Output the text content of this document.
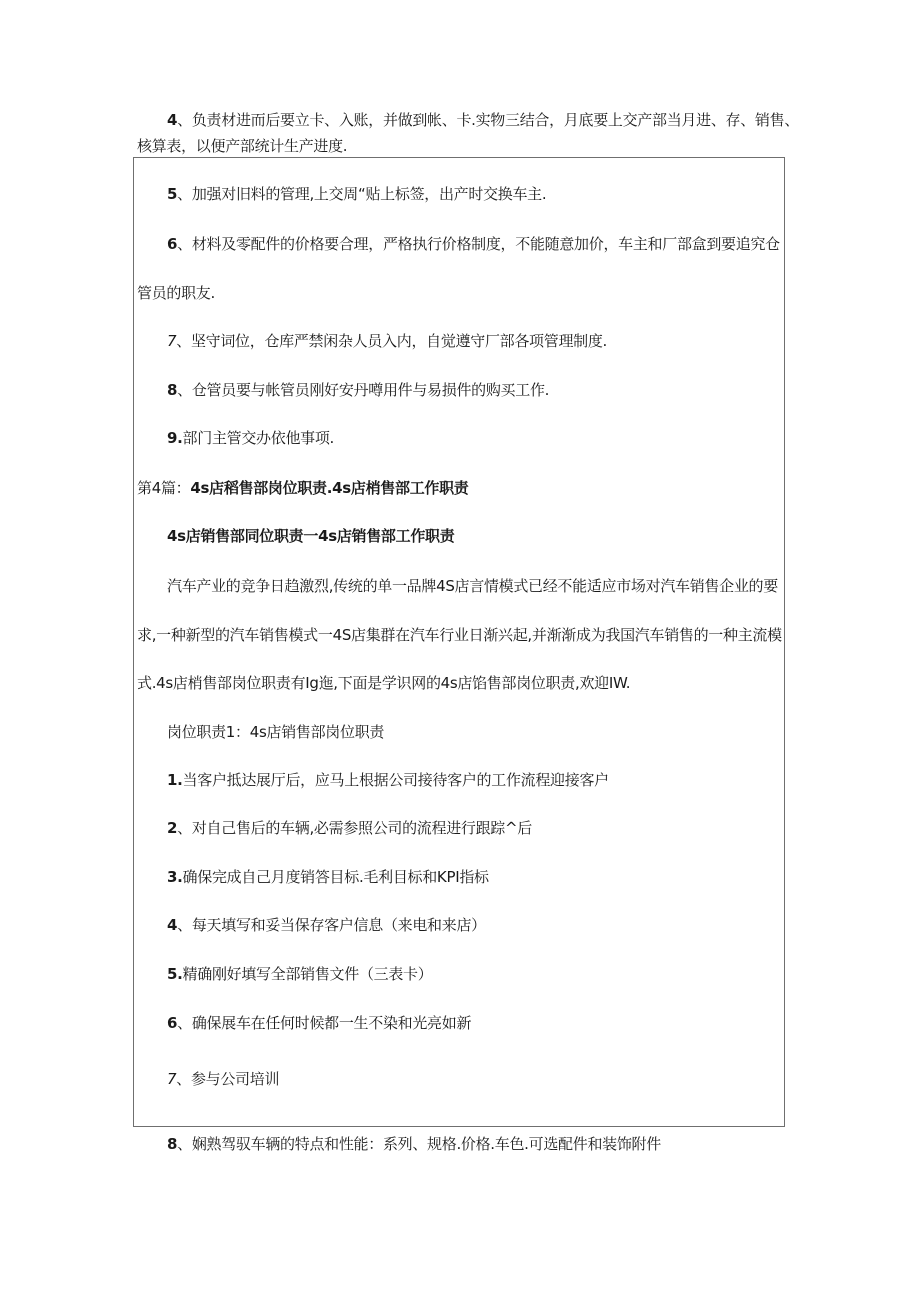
4、负责材进而后要立卡、入账，并做到帐、卡.实物三结合，月底要上交产部当月进、存、销售、
核算表，以便产部统计生产进度.
5、加强对旧料的管理,上交周“贴上标签，出产时交换车主.
6、材料及零配件的价格要合理，严格执行价格制度，不能随意加价，车主和厂部盒到要追究仓
管员的职友.
7、坚守词位，仓库严禁闲杂人员入内，自觉遵守厂部各项管理制度.
8、仓管员要与帐管员刚好安丹噂用件与易损件的购买工作.
9.部门主管交办依他事项.
第4篇：4s店稻售部岗位职责.4s店梢售部工作职责
4s店销售部同位职责一4s店销售部工作职责
汽车产业的竞争日趋激烈,传统的单一品牌4S店言情模式已经不能适应市场对汽车销售企业的要
求,一种新型的汽车销售模式一4S店集群在汽车行业日渐兴起,并渐渐成为我国汽车销售的一种主流模
式.4s店梢售部岗位职责有Ig迤,下面是学识网的4s店馅售部岗位职责,欢迎IW.
岗位职责1：4s店销售部岗位职责
1.当客户抵达展厅后，应马上根据公司接待客户的工作流程迎接客户
2、对自己售后的车辆,必需参照公司的流程进行跟踪^后
3.确保完成自己月度销答目标.毛利目标和KPI指标
4、每天填写和妥当保存客户信息（来电和来店）
5.精确刚好填写全部销售文件（三表卡）
6、确保展车在任何时候都一生不染和光亮如新
7、参与公司培训
8、娴熟驾驭车辆的特点和性能：系列、规格.价格.车色.可选配件和装饰附件
